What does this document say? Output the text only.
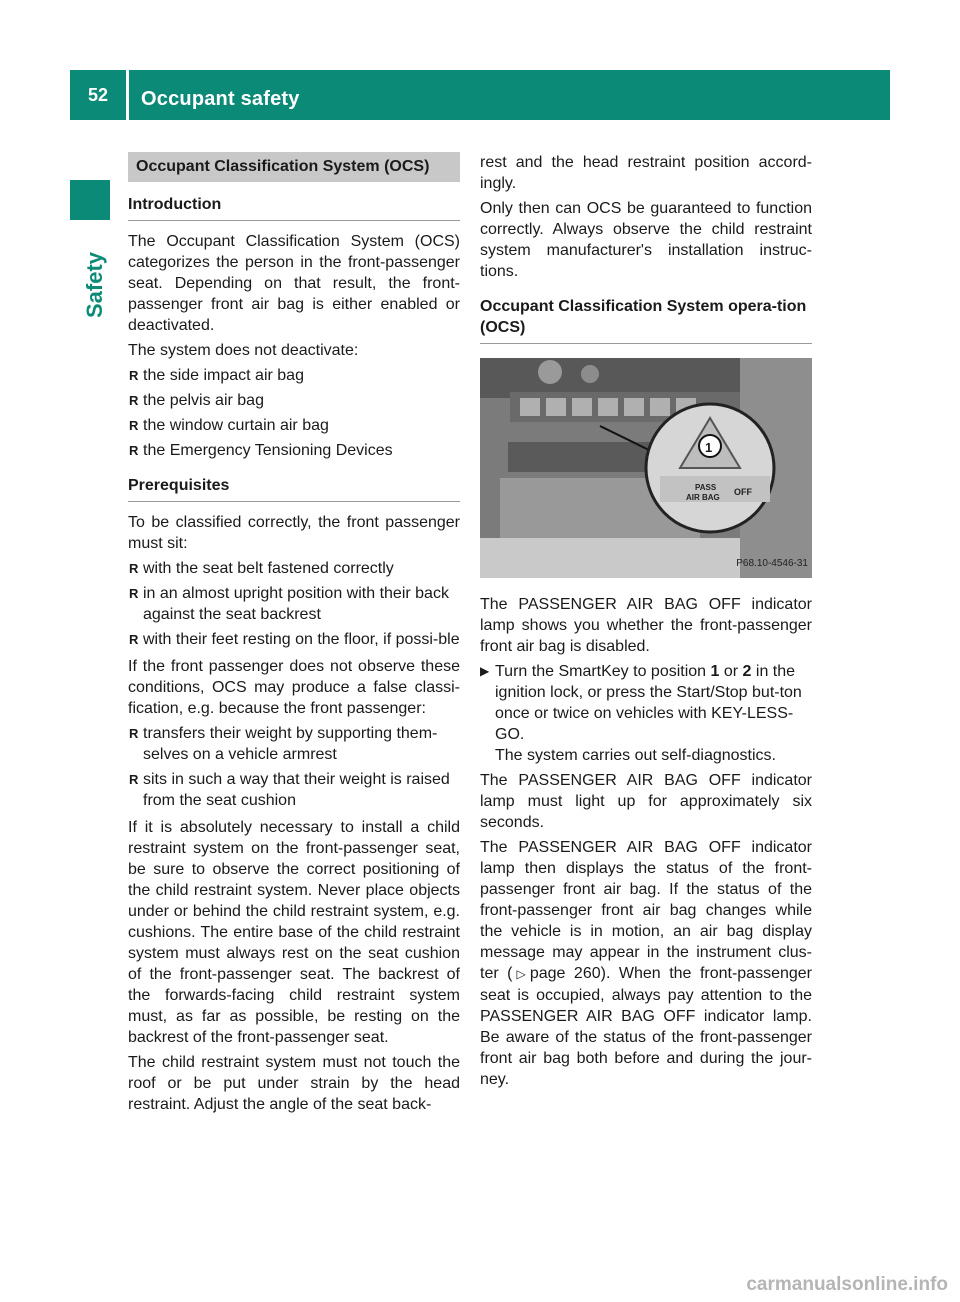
52	Occupant safety
Safety
Occupant Classification System (OCS)
Introduction

The Occupant Classification System (OCS) categorizes the person in the front-passenger seat. Depending on that result, the front-passenger front air bag is either enabled or deactivated.

The system does not deactivate:

R the side impact air bag
R the pelvis air bag
R the window curtain air bag
R the Emergency Tensioning Devices
Prerequisites

To be classified correctly, the front passenger must sit:

R with the seat belt fastened correctly
R in an almost upright position with their back against the seat backrest
R with their feet resting on the floor, if possi-ble

If the front passenger does not observe these conditions, OCS may produce a false classi-fication, e.g. because the front passenger:

R transfers their weight by supporting them-selves on a vehicle armrest
R sits in such a way that their weight is raised from the seat cushion

If it is absolutely necessary to install a child restraint system on the front-passenger seat, be sure to observe the correct positioning of the child restraint system. Never place objects under or behind the child restraint system, e.g. cushions. The entire base of the child restraint system must always rest on the seat cushion of the front-passenger seat. The backrest of the forwards-facing child restraint system must, as far as possible, be resting on the backrest of the front-passenger seat.

The child restraint system must not touch the roof or be put under strain by the head restraint. Adjust the angle of the seat back-

rest and the head restraint position accord-ingly.

Only then can OCS be guaranteed to function correctly. Always observe the child restraint system manufacturer's installation instruc-tions.

Occupant Classification System opera-tion (OCS)
1
PASS
AIR BAG
OFF
P68.10-4546-31

The PASSENGER AIR BAG OFF indicator lamp shows you whether the front-passenger front air bag is disabled.

▶ Turn the SmartKey to position 1 or 2 in the ignition lock, or press the Start/Stop but-ton once or twice on vehicles with KEY-LESS-GO.
The system carries out self-diagnostics.

The PASSENGER AIR BAG OFF indicator lamp must light up for approximately six seconds.

The PASSENGER AIR BAG OFF indicator lamp then displays the status of the front-passenger front air bag. If the status of the front-passenger front air bag changes while the vehicle is in motion, an air bag display message may appear in the instrument clus-ter (▷page 260). When the front-passenger seat is occupied, always pay attention to the PASSENGER AIR BAG OFF indicator lamp. Be aware of the status of the front-passenger front air bag both before and during the jour-ney.

carmanualsonline.info
